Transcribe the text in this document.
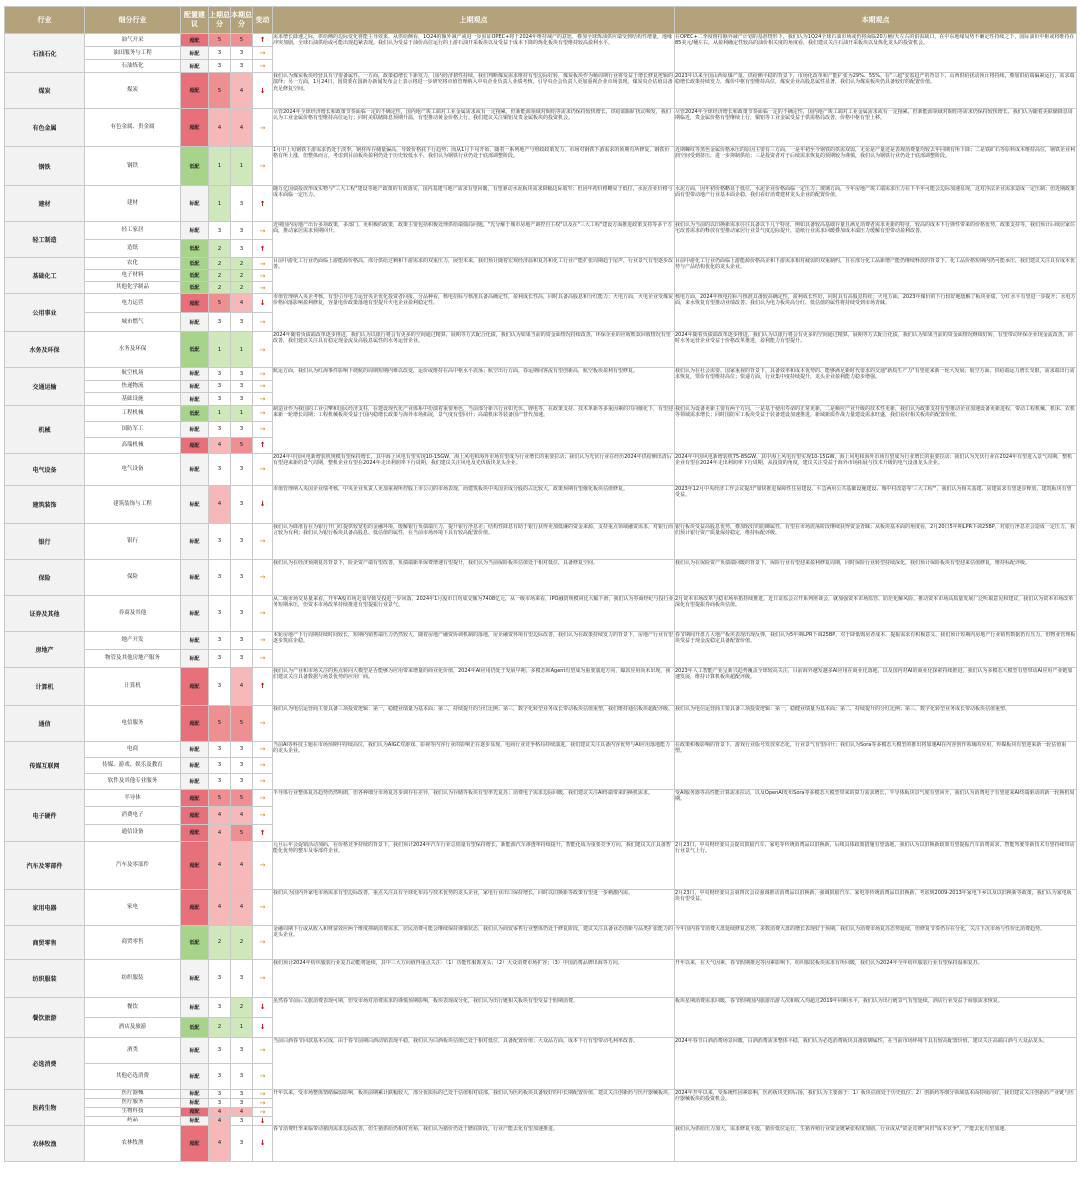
行业	细分行业	配置建议	上期总分	本期总分	变动	上期观点	本期观点
石油石化	油气开采	超配	5	5	↑	需求增长降速之际，供给侧的边际变化将能主导效果。从供给侧看，1Q24的额外减产或进一步验证OPEC+将于2024年维持减产的意愿，叠加全球炼油供应端受到结构性增量，地缘冲突加剧，全球石油供给或可能出现趋紧表现。我们认为受益于油价高位运行的上游石油开采板块以及受益于成本下降的炼化板块有望维持较高盈利水平。	在OPEC+二季度维持额外减产计划的基准情形下，我们认为1Q24全球石油市场或仍将面临20万桶/天左右的供需缺口，在中东地缘局势不确定性持续之下，国际油价中枢或将维持在85美元/桶左右，从盈利确定性较高的油价相关度的角度看，我们建议关注石油开采板块以及炼化龙头的投资机会。

	油田服务与工程	标配	3	3	→		
	石油炼化	标配	3	3	→		
煤炭	煤炭	超配	5	4	↓	我们认为煤炭板块经营具有守要备属性。一方面，政策稳增长下新发力，国内经济韧性持续，我们判断煤炭需求维持有望边际好转，煤炭板块作为顺周期行业将受益于增长修复逻辑的演绎；另一方面，1月24日，国资委在国新办新闻发布会上表示将进一步研究将市值管理纳入中央企业负责人业绩考核，引导央企会负责人更加重视企业市场表现，煤炭央企估值具备充足修复空间。	2023年以来全国山西原煤产量、供给侧平稳的背景下，市场化改革和产能扩张为29%、55%，在"三超"安监趋严的背景下，山西供给扰动预计将持续，叠加供给端偏紧运行，需求端稳增长政策持续发力，煤价中枢有望维持高位，煤炭企业高股息属性显著，我们认为煤炭板块仍具备较好的配置价值。

有色金属	有色金属、贵金属	超配	4	4	→	尽管2024年全球经济增长和政策节奏面临一定的不确定性，国内地产竣工端对工业金属需求或有一定拖累，但新能源领域对铜铝等需求仍保持较快增长，供给端铜矿扰动频发，我们认为工业金属价格有望维持高位运行；同时美联储降息预期升温，有望推动黄金价格上行。我们建议关注铜铝及贵金属板块的投资机会。	尽管2024年全球经济增长和政策节奏面临一定的不确定性，国内地产竣工端对工业金属需求或有一定拖累，但新能源领域对铜铝等需求仍保持较快增长。我们认为随着美联储降息周期临近，贵金属价格有望继续上行，铜铝等工业金属受益于供需格局改善，价格中枢有望上移。

钢铁	钢铁	低配	1	1	→	1月中上旬钢铁下游需求仍处于淡季，钢材库存储量偏高，导致价格底下行趋势；而从1月下旬开始，随着一系列地产与财政政策发力，市场对钢铁下游需求的预期有所修复，钢铁价格有所上涨，但整体而言，考虑到目前板块盈利仍处于历史较低水平，我们认为钢铁行业仍处于底部调整阶段。	近期螺纹等黑色金属价格承压的原因主要有三方面，一是年初至今钢铁的供需双弱，无论是产量还是表观消费量均较去年同期有所下降；二是铁矿石等原料成本维持高位，钢铁企业利润空间受到挤压，进一步抑制供给；三是投资者对于后续需求恢复的预期较为谨慎，我们认为钢铁行业仍处于底部调整阶段。

建材	建材	标配	1	3	↑	随万亿国债投放形成实物与"三大工程"建设等地产政策的有效落实，国内基建与地产需求有望回暖，有望驱动水泥板块需求降幅边际收窄；但因年初价格略显于低位，水泥企业价格与成本面临一定压力。	水泥方面，因年初价格略显于低位，水泥企业价格面临一定压力；玻璃方面，今年房地产竣工端需求压力在下半年可能会边际加速显现，这对浮法企业需求造成一定压制；但近期政策面有望带动地产行业基本面企稳，我们看好消费建材龙头企业的配置价值。

轻工制造	轻工家居	标配	3	3	→	近期国内房地产出台多项政策，多部门、更积极的政策，政策主要包括积极处理供给端僵局问题，"先分解于城市房地产调控自主权"以及在"三大工程"建设方面推进政策支持等多个方面，推动家居需求预期回升。	我们认为当前的以旧换新需求往往具备以下几个特征，例如具备较高基础存量且满足消费者需求更新的特征，较高的成本下行弹性带来的价格优势，政策支持等，我们预计后续居家住宅改善需求的释放有望推动家居行业景气度边际提升，造纸行业需求回暖叠加成本端压力缓解有望带动盈利改善。

	造纸	低配	2	3	↑		
基础化工	农化	低配	2	2	→	目前中游化工行业仍面临上游能源价格高，部分供给过剩和下游需求的双重压力，展望未来，我们预计随着宏观经济温和复苏和化工行业产能扩张周期趋于尾声，行业景气有望逐步改善。	目前中游化工行业仍面临上游能源价格高企和下游需求相对疲弱的双重制约，且在部分化工品新增产能仍继续释放的背景下，化工品价格短期内仍可能承压，我们建议关注具有成本优势与产品结构优化的龙头企业。

	电子材料	低配	2	2	→		
	其他化学制品	低配	2	2	→		
公用事业	电力运营	超配	5	4	↓	市值管理纳入央企考核，有望引导电力运营央企优化投资者回报，分品种看，核电招标与核准具备高确定性，盈利成长性高，同时具备高股息和分红能力；火电方面，火电企业受煤炭价格回落影响盈利修复，容量电价政策落地有望提升火电企业盈利稳定性。	核电方面，2024年核电招标与核准具备较高确定性，盈利成长性好，同时具有高股息特征；火电方面，2023年煤价的下行较好地缓解了板块业绩，分红水平有望进一步提升；水电方面，来水恢复有望推动业绩改善。我们认为电力板块高分红、低估值的属性将持续受到市场青睐。

	城市燃气	标配	3	3	→		
水务及环保	水务及环保	低配	1	1	→	2024年随着负债端改革逐步推进，我们认为以银行将会有更多的空间通过精算，展期等方式配合化债，我们认为如果当前的资金面情况持续改善，环保企业的应收账款回收情况有望改善，我们建议关注具有稳定现金流及高股息属性的水务运营企业。	2024年随着负债端改革逐步推进，我们认为以银行将会有更多的空间通过精算，展期等方式配合化债，我们认为如果当前的资金面情况继续好转，有望带动环保企业现金流改善，同时水务运营企业受益于价格改革推进，盈利能力有望提升。

交通运输	航空机场	标配	3	3	→	航运方面，我们认为红海事件影响下绕航的周期短期内难以改变，运价或维持在高中枢水平震荡；航空出行方面，春运期间客流有望创新高，航空板块盈利有望修复。	我们认为在社会需要、国家重视的背景下，具备效率和成本优势的、能够满足新时代要求的交通"新质生产力"有望迎来新一轮大发展；航空方面，供给端运力增长受限，需求端出行需求恢复，票价有望维持高位；快递方面，行业集中度持续提升，龙头企业盈利能力稳步增强。

	快递物流	标配	3	3	→		
	基础设施	标配	3	3	→		
机械	工程机械	低配	1	1	→	制造业作为我国的工业引擎和国民经济支柱，在建设现代化产业体系中扮演着重要角色，当前部分新兴行业如光伏、锂电等，在政策支持、技术革新等多重因素的共同催化下，有望迎来新一轮增长周期；工程机械板块受益于国内稳增长政策与海外市场拓展，景气度有望回升；高端机床等装备国产替代加速。	我们认为设备更新主要有两个方向，一是基于使用寿命的正常更新，二是顺应产业升级的技术性更新，我们认为政策支持有望推动企业加速设备更新进程，带动工程机械、机床、农机等领域需求增长；同时国防军工板块受益于装备建设加速推进，新域新质作战力量建设需求旺盛，我们看好相关板块的配置价值。

	国防军工	标配	3	3	→		
	高端机械	超配	4	5	↑		
电气设备	电气设备	标配	3	3	→	2024年中国风电新增装机规模有望保持增长，其中海上风电有望实现10-15GW，海上风电和海外市场有望成为行业增长的重要拉动；我们认为光伏行业在经历2024年供给侧出清后有望迎来新的景气周期，整机企业有望在2024年走出利润率下行周期，我们建议关注风电及光伏板块龙头企业。	2024年中国风电新增装机75-85GW，其中海上风电有望实现10-15GW，海上风电和海外市场有望成为行业增长的重要拉动；我们认为光伏行业在2024年有望进入景气周期，整机企业有望在2024年走出利润率下行周期，从投资的角度，建议关注受益于海外市场拓展与技术升级的电气设备龙头企业。

建筑装饰	建筑装饰与工程	标配	4	3	↓	市值管理纳入央国企业绩考核，中央企业负责人更加重视所控股上市公司的市场表现，而建筑板块中央国企成分股的占比较大，政策预期有望催化板块估值修复。	2023年12月中央经济工作会议提出"加快推进保障性住房建设、平急两用公共基础设施建设、城中村改造等'三大工程'"，我们认为相关基建、房建需求有望逐步释放，建筑板块有望受益。

银行	银行	标配	3	3	→	我们认为降准旨在为银行开门红提供较宽松的金融环境，缓解银行负债端压力，提升银行净息差；结构性降息有助于银行获得更加低廉的资金来源，支持重点领域融资需求，对银行而言较为有利；我们认为银行板块具备高股息、低估值的属性，在当前市场环境下具有较高配置价值。	银行板块受益高股息优势，叠加较好的防御属性，有望在市场震荡阶段继续获得资金青睐；从板块基本面的角度看，2月20日5年期LPR下调25BP，对银行净息差会造成一定压力，我们预计银行资产质量保持稳定，维持标配评级。

保险	保险	标配	3	3	→	我们认为在经济预期复苏背景下，险企资产端有望改善，负债端新单保费增速有望提升，我们认为当前保险板块估值处于相对低位，具备修复空间。	我们认为在保险资产负债端回暖的背景下，保险行业有望迎来盈利修复周期，同时保险行业转型持续深化，我们预计保险板块有望迎来估值修复，维持标配评级。

证券及其他	券商及其他	标配	3	3	→	从二级市场交易量来看，开年A股市场走弱导致交投进一步回落，2024年1月股市日均成交额为7408亿元，从一级市场来看，IPO融资规模同比大幅下滑，我们认为券商经纪与投行业务短期承压，但资本市场改革持续推进有望提振行业景气。	2月资本市场改革与稳市场举措持续推进，近日证监会召开系列座谈会，就加强资本市场监管、防范化解风险、推动资本市场高质量发展广泛听取意见和建议，我们认为资本市场改革深化有望提振券商板块估值。

房地产	地产开发	标配	3	3	→	本轮房地产下行周期持续时间较长，短期内销售端压力仍然较大，随着房地产融资协调机制的落地，房企融资环境有望边际改善，我们认为在政策持续发力的背景下，房地产行业有望逐步筑底企稳。	春节期间开盘五大地产板块表现出现反弹，我们认为5年期LPR下调25BP，对于降低购房者成本、提振需求有积极意义，我们预计短期内房地产行业销售数据仍有压力，但物业管理板块受益于现金流稳定具备配置价值。

	物管及其他房地产服务	标配	3	3	→		
计算机	计算机	超配	3	4	↑	我们认为产业和市场关注的焦点转向大模型是否能够为应用带来增量的商业化价值，2024年AI应用仍处于发展早期，多模态和Agent有望成为重要演进方向，爆款应用尚未出现，我们建议关注具备数据与场景优势的应用厂商。	2023年人工智能产业呈新兴趋势覆盖全球较高关注，目前海外越发越多AI应用在商业化落地，以及国内对AI的商业化探索持续推进，我们认为多模态大模型有望带动AI应用产业链加速发展，维持计算机板块超配评级。

通信	电信服务	超配	5	5	→	我们认为电信运营商主要具备三项投资逻辑：第一，稳健业绩量为基本面；第二，持续提升的分红比例；第三，数字化转型业务成长带动板块估值重塑，我们维持通信板块超配评级。	我们认为电信运营商主要具备三项投资逻辑：第一，稳健业绩量为基本面；第二，持续提升的分红比例；第三，数字化转型业务成长带动板块估值重塑。

传媒互联网	电商	标配	3	3	→	当前AI等科技主题在市场预期中持续高位，我们认为AIGC对游戏、影视等内容行业的影响正在逐步显现，电商行业竞争格局持续演进，我们建议关注具备内容优势与AI应用落地能力的龙头企业。	在政策积极影响的背景下，游戏行业版号发放常态化，行业景气有望回升；我们认为Sora等多模态大模型的推出将加速AI在内容创作领域的应用，传媒板块有望迎来新一轮估值重塑。

	传媒、游戏、娱乐及教育	标配	3	3	→		
	软件及其他专业服务	标配	3	3	→		
电子硬件	半导体	超配	5	5	→	半导体行业整体复苏趋势仍然明朗，但各种细分市场复苏步调存在差异，我们认为存储等板块有望率先复苏；消费电子需求边际回暖，我们建议关注AI终端带来的换机需求。	受AI服务器等高性能计算需求拉动，以及OpenAI发布Sora等多模态大模型带来的算力需求增长，半导体板块景气度有望回升，我们认为消费电子有望迎来AI终端驱动的新一轮换机周期。

	消费电子	超配	4	4	→		
	通信设备	超配	4	5	↑		
汽车及零部件	汽车及零部件	超配	4	4	→	元旦后年会促销活动加码，在价格竞争持续的背景下，我们预计2024年汽车行业总销量有望保持增长，新能源汽车渗透率持续提升，智能化成为重要竞争方向，我们建议关注具备智能化优势的整车及零部件企业。	2月23日，中央财经委员会提出鼓励汽车、家电等传统消费品以旧换新，后续具体政策措施有望落地，我们认为以旧换新政策有望提振汽车消费需求，智能驾驶等新技术有望持续带动行业景气上行。

家用电器	家电	超配	4	4	→	我们认为国内外家电市场需求有望边际改善，重点关注具有全球化布局与技术优势的龙头企业，家电行业出口保持增长，同时以旧换新等政策有望进一步刺激内需。	2月23日，中央财经委员会第四次会议强调推动消费品以旧换新，强调鼓励汽车、家电等传统消费品以旧换新，考虑到2009-2013年家电下乡以及以旧换新等政策，我们认为家电板块有望受益。

商贸零售	商贸零售	低配	2	2	→	金融周期下行或从收入和财富效应两个维度抑制消费需求，居民消费可能会继续保持谨慎状态，我们认为商贸零售行业整体仍处于修复阶段，建议关注具备业态创新与品类扩张能力的龙头企业。	今年国内春节消费大盘延续修复态势，多数消费大盘的增长表现好于预期，我们认为消费市场复苏态势延续，但修复节奏仍存在分化，关注下沉市场与性价比消费趋势。

纺织服装	纺织服装	标配	3	3	→	我们预计2024年纺织服装行业复苏动能将延续，其中三大方向值得重点关注：（1）功能性服饰龙头；（2）大众消费市场扩容；（3）中国消费品牌出海等方向。	开年以来，在天气因素、春节假期推迟等因素影响下，纺织服装板块需求有所回暖，我们认为2024年全年纺织服装行业有望保持温和复苏。

餐饮旅游	餐饮	标配	3	2	↓	虽然春节前后文旅消费表现可期，但受市场对消费需求的谨慎预期影响，板块表现或分化，我们认为出行链相关板块有望受益于假期消费。	板块星期消费需求回暖，春节假期国内旅游出游人次和收入均超过2019年同期水平，我们认为出行链景气有望延续，酒店行业受益于商旅需求恢复。

	酒店及旅游	低配	2	1	↓		
必选消费	酒类	标配	3	3	→	当前白酒春节回款基本完成，由于春节前期白酒动销表现平稳，我们认为白酒板块估值已处于相对低位，具备配置价值；大众品方面，成本下行有望带动毛利率改善。	2024年春节白酒消费场景回暖，白酒消费需求整体平稳，我们认为必选消费板块具备防御属性，在当前市场环境下具有较高配置价值，建议关注高端白酒与大众品龙头。

	其他必选消费	标配	3	3	→		
医药生物	医疗器械	标配	3	3	→	开年以来，受市场整体情绪偏弱影响，板块前期累计跌幅较大，部分优质标的已处于估值相对底部，我们认为医药板块具备较好的中长期配置价值，建议关注创新药与医疗器械板块。	2024年开年以来，受系统性因素影响，医药板块先抑后扬，我们认为主要源于：1）板块估值处于历史低位；2）创新药等细分领域基本面持续向好，我们建议关注创新药产业链与医疗器械板块的投资机会。

	医疗服务	标配	3	3	→		
	生物科技	超配	4	4	→		
	药品	标配	4	3	↓		
农林牧渔	农林牧渔	超配	4	3	↓	春节消费旺季来临带动猪肉需求边际改善，但生猪供给仍相对充裕，我们认为猪价仍处于磨底阶段，行业产能去化有望加速推进。	我们认为供给压力加大，需求修复平缓，猪价低位运行，生猪养殖行业资金链紧张程度加剧，行业或从"资金竞赛"回归"成本竞争"，产能去化有望加速。
